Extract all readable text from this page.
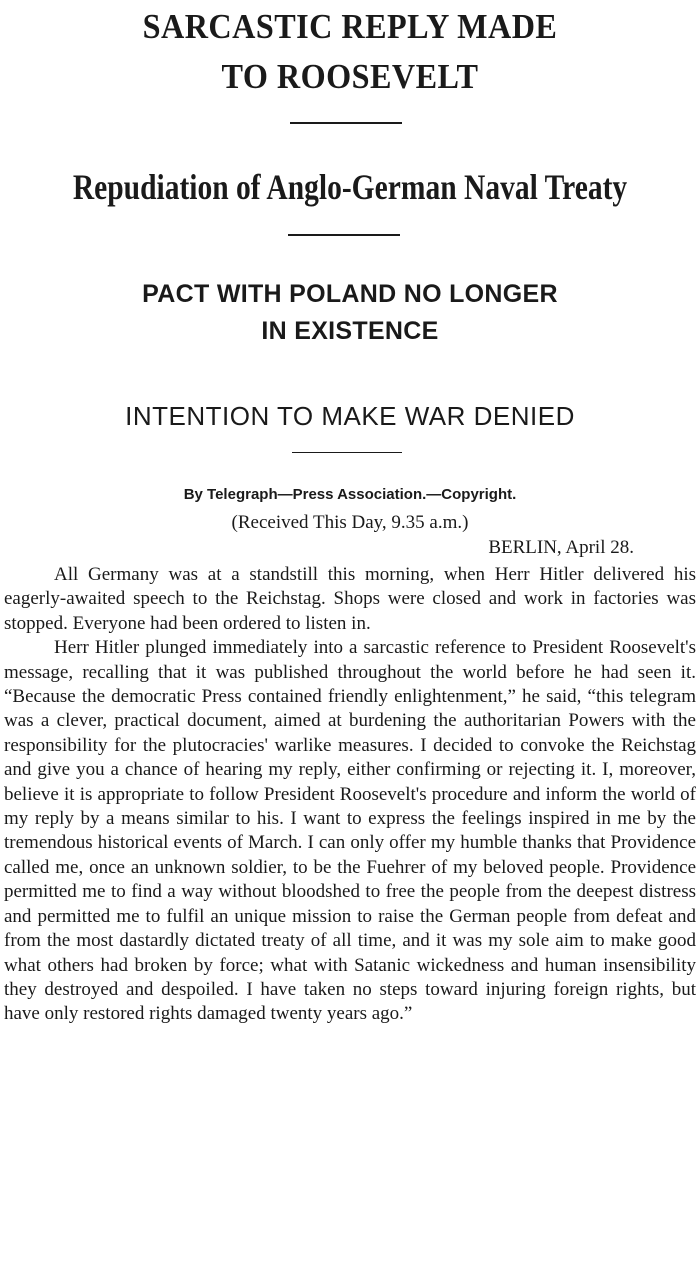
SARCASTIC REPLY MADE
TO ROOSEVELT
Repudiation of Anglo-German Naval Treaty
PACT WITH POLAND NO LONGER
IN EXISTENCE
INTENTION TO MAKE WAR DENIED

By Telegraph—Press Association.—Copyright.

(Received This Day, 9.35 a.m.)

BERLIN, April 28.

All Germany was at a standstill this morning, when Herr Hitler delivered his eagerly-awaited speech to the Reichstag. Shops were closed and work in factories was stopped. Everyone had been ordered to listen in.

Herr Hitler plunged immediately into a sarcastic reference to President Roosevelt's message, recalling that it was published throughout the world before he had seen it. “Because the democratic Press contained friendly enlightenment,” he said, “this telegram was a clever, practical document, aimed at burdening the authoritarian Powers with the responsibility for the plutocracies' warlike measures. I decided to convoke the Reichstag and give you a chance of hearing my reply, either confirming or rejecting it. I, moreover, believe it is appropriate to follow President Roosevelt's procedure and inform the world of my reply by a means similar to his. I want to express the feelings inspired in me by the tremendous historical events of March. I can only offer my humble thanks that Providence called me, once an unknown soldier, to be the Fuehrer of my beloved people. Providence permitted me to find a way without bloodshed to free the people from the deepest distress and permitted me to fulfil an unique mission to raise the German people from defeat and from the most dastardly dictated treaty of all time, and it was my sole aim to make good what others had broken by force; what with Satanic wickedness and human insensibility they destroyed and despoiled. I have taken no steps toward injuring foreign rights, but have only restored rights damaged twenty years ago.”
